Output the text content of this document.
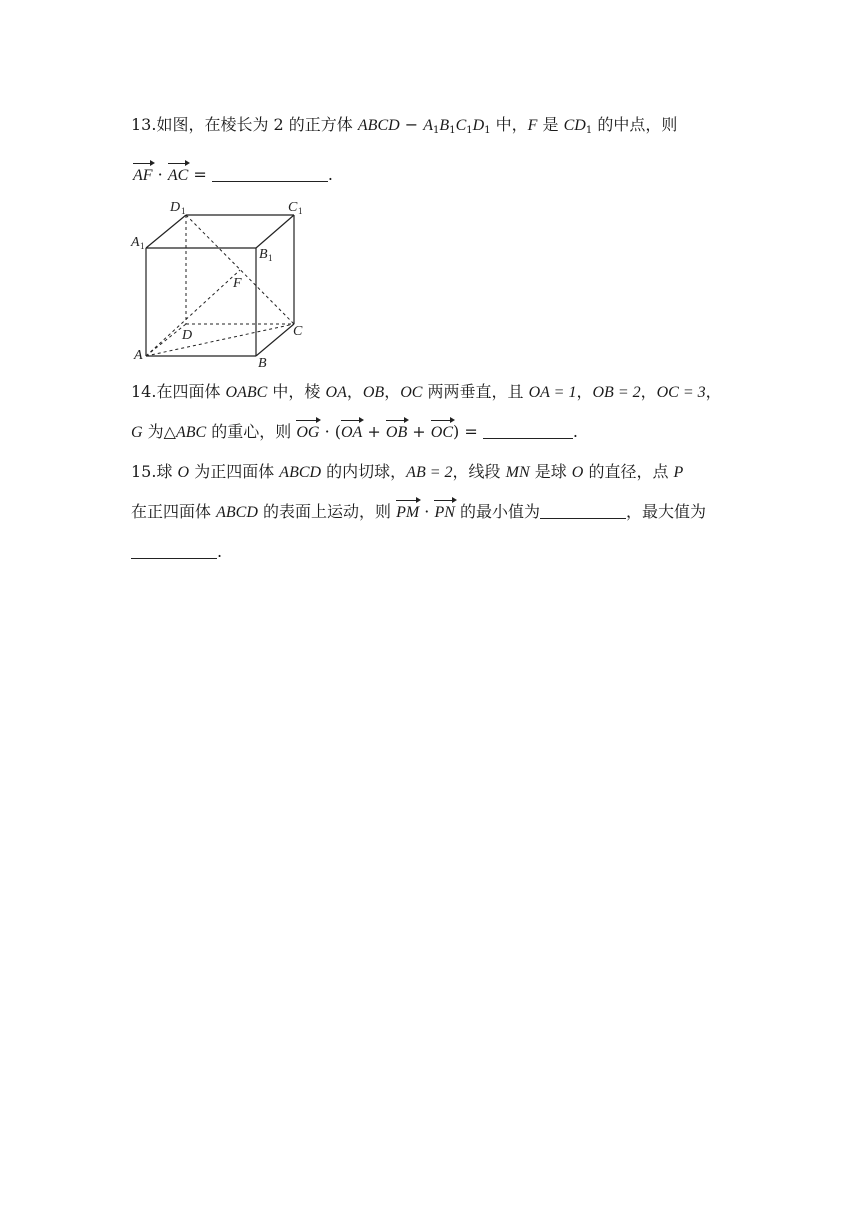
13.如图，在棱长为 2 的正方体 ABCD − $A_1B_1C_1D_1$ 中，F 是 $CD_1$ 的中点，则
AF · AC =	.
D 1	C 1
A 1
B 1
F
D	C
A
B
14.在四面体 OABC 中，棱 OA，OB，OC 两两垂直，且 OA = 1，OB = 2，OC = 3，
G 为△ABC 的重心，则 OG · (OA + OB + OC) =	.
15.球 O 为正四面体 ABCD 的内切球，AB = 2，线段 MN 是球 O 的直径，点 P
在正四面体 ABCD 的表面上运动，则 PM · PN 的最小值为	，最大值为
.
